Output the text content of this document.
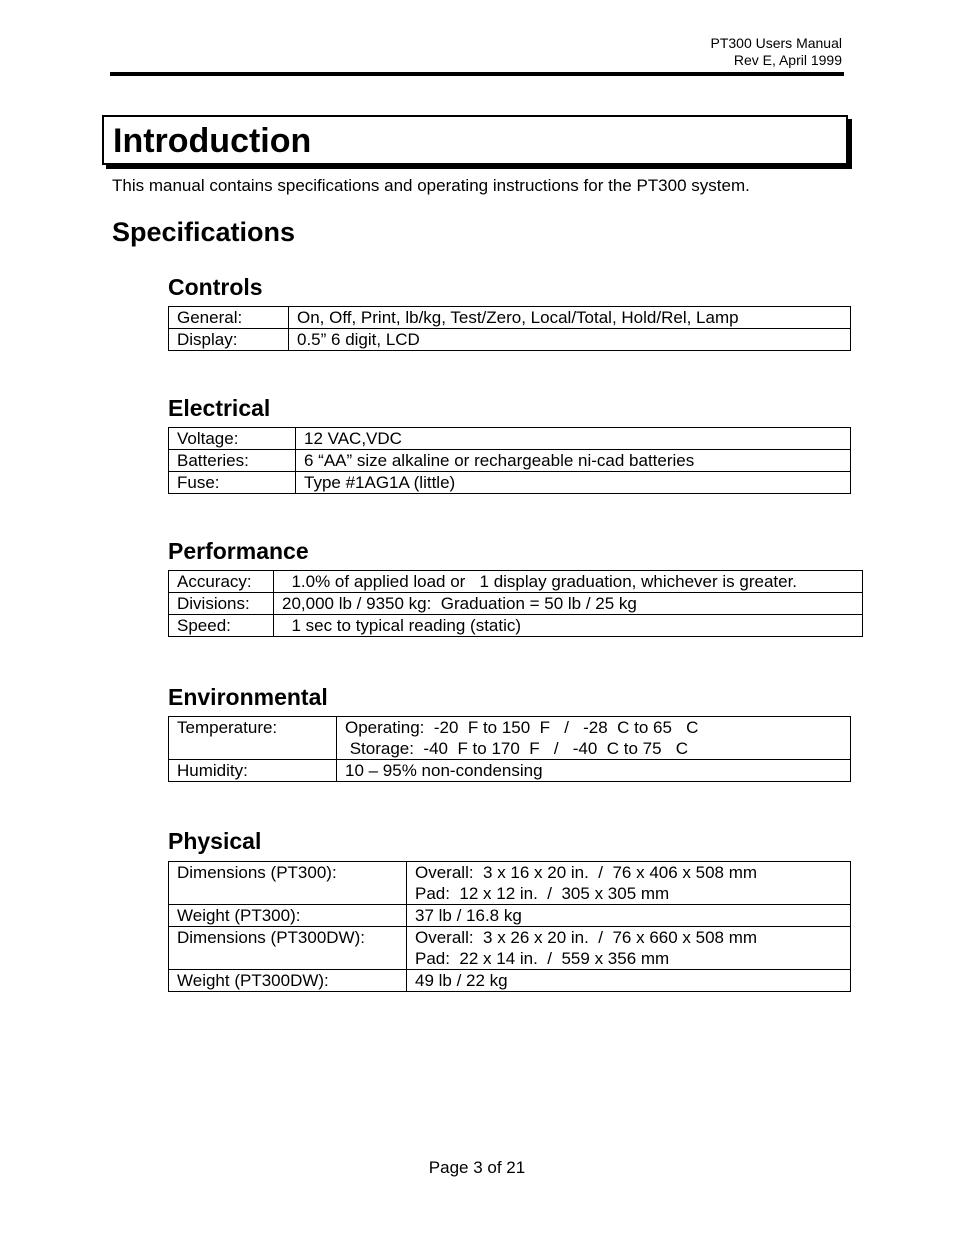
PT300 Users Manual
Rev E, April 1999
Introduction
This manual contains specifications and operating instructions for the PT300 system.
Specifications
Controls
General:	On, Off, Print, lb/kg, Test/Zero, Local/Total, Hold/Rel, Lamp
Display:	0.5” 6 digit, LCD
Electrical
Voltage:	12 VAC,VDC
Batteries:	6 “AA” size alkaline or rechargeable ni-cad batteries
Fuse:	Type #1AG1A (little)
Performance
Accuracy:	1.0% of applied load or   1 display graduation, whichever is greater.
Divisions:	20,000 lb / 9350 kg:  Graduation = 50 lb / 25 kg
Speed:	1 sec to typical reading (static)
Environmental
Temperature:	Operating:  -20  F to 150  F   /   -28  C to 65   C
Storage:  -40  F to 170  F   /   -40  C to 75   C
Humidity:	10 – 95% non-condensing
Physical
Dimensions (PT300):	Overall:  3 x 16 x 20 in.  /  76 x 406 x 508 mm
Pad:  12 x 12 in.  /  305 x 305 mm
Weight (PT300):	37 lb / 16.8 kg
Dimensions (PT300DW):	Overall:  3 x 26 x 20 in.  /  76 x 660 x 508 mm
Pad:  22 x 14 in.  /  559 x 356 mm
Weight (PT300DW):	49 lb / 22 kg
Page 3 of 21
